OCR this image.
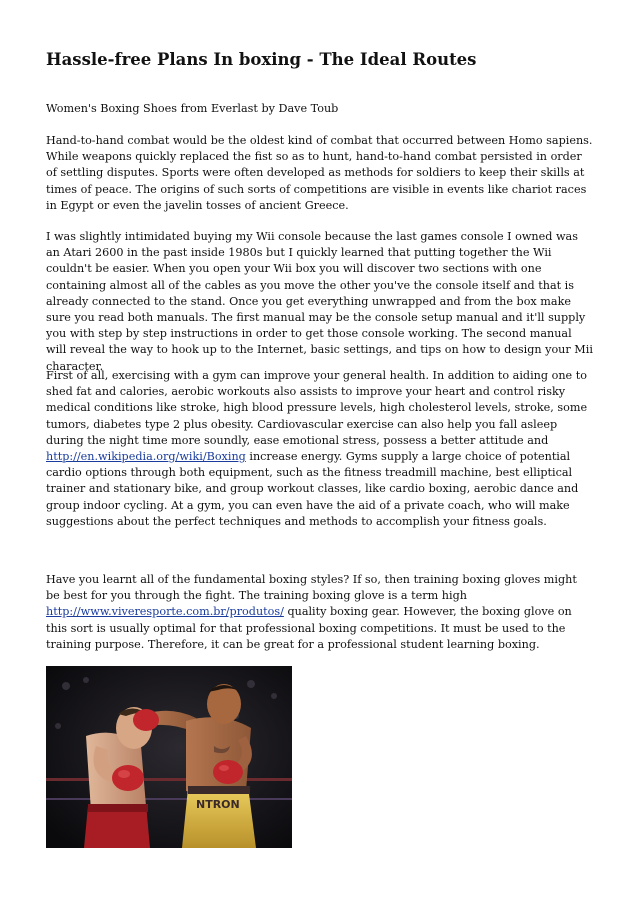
Hassle-free Plans In boxing - The Ideal Routes

Women's Boxing Shoes from Everlast by Dave Toub

Hand-to-hand combat would be the oldest kind of combat that occurred between Homo sapiens. While weapons quickly replaced the fist so as to hunt, hand-to-hand combat persisted in order of settling disputes. Sports were often developed as methods for soldiers to keep their skills at times of peace. The origins of such sorts of competitions are visible in events like chariot races in Egypt or even the javelin tosses of ancient Greece.

I was slightly intimidated buying my Wii console because the last games console I owned was an Atari 2600 in the past inside 1980s but I quickly learned that putting together the Wii couldn't be easier. When you open your Wii box you will discover two sections with one containing almost all of the cables as you move the other you've the console itself and that is already connected to the stand. Once you get everything unwrapped and from the box make sure you read both manuals. The first manual may be the console setup manual and it'll supply you with step by step instructions in order to get those console working. The second manual will reveal the way to hook up to the Internet, basic settings, and tips on how to design your Mii character.

First of all, exercising with a gym can improve your general health. In addition to aiding one to shed fat and calories, aerobic workouts also assists to improve your heart and control risky medical conditions like stroke, high blood pressure levels, high cholesterol levels, stroke, some tumors, diabetes type 2 plus obesity. Cardiovascular exercise can also help you fall asleep during the night time more soundly, ease emotional stress, possess a better attitude and http://en.wikipedia.org/wiki/Boxing increase energy. Gyms supply a large choice of potential cardio options through both equipment, such as the fitness treadmill machine, best elliptical trainer and stationary bike, and group workout classes, like cardio boxing, aerobic dance and group indoor cycling. At a gym, you can even have the aid of a private coach, who will make suggestions about the perfect techniques and methods to accomplish your fitness goals.

Have you learnt all of the fundamental boxing styles? If so, then training boxing gloves might be best for you through the fight. The training boxing glove is a term high http://www.viveresporte.com.br/produtos/ quality boxing gear. However, the boxing glove on this sort is usually optimal for that professional boxing competitions. It must be used to the training purpose. Therefore, it can be great for a professional student learning boxing.

NTRON
